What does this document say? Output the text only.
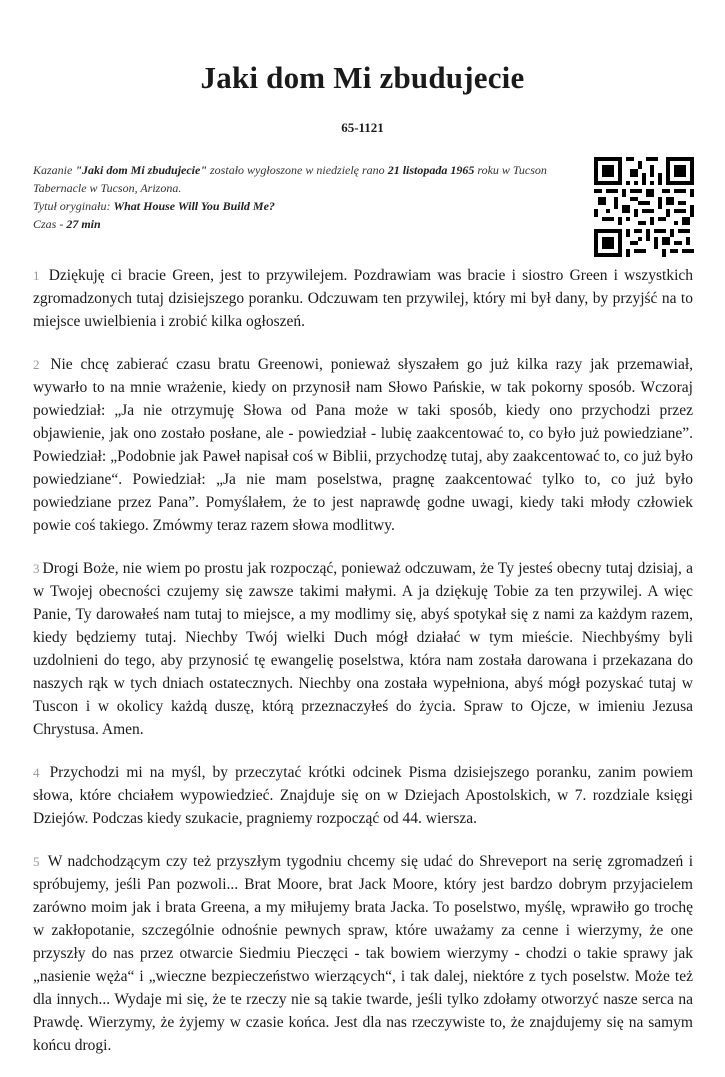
Jaki dom Mi zbudujecie
65-1121
Kazanie "Jaki dom Mi zbudujecie" zostało wygłoszone w niedzielę rano 21 listopada 1965 roku w Tucson Tabernacle w Tucson, Arizona.
Tytuł oryginału: What House Will You Build Me?
Czas - 27 min

1 Dziękuję ci bracie Green, jest to przywilejem. Pozdrawiam was bracie i siostro Green i wszystkich zgromadzonych tutaj dzisiejszego poranku. Odczuwam ten przywilej, który mi był dany, by przyjść na to miejsce uwielbienia i zrobić kilka ogłoszeń.

2 Nie chcę zabierać czasu bratu Greenowi, ponieważ słyszałem go już kilka razy jak przemawiał, wywarło to na mnie wrażenie, kiedy on przynosił nam Słowo Pańskie, w tak pokorny sposób. Wczoraj powiedział: „Ja nie otrzymuję Słowa od Pana może w taki sposób, kiedy ono przychodzi przez objawienie, jak ono zostało posłane, ale - powiedział - lubię zaakcentować to, co było już powiedziane”. Powiedział: „Podobnie jak Paweł napisał coś w Biblii, przychodzę tutaj, aby zaakcentować to, co już było powiedziane“. Powiedział: „Ja nie mam poselstwa, pragnę zaakcentować tylko to, co już było powiedziane przez Pana”. Pomyślałem, że to jest naprawdę godne uwagi, kiedy taki młody człowiek powie coś takiego. Zmówmy teraz razem słowa modlitwy.

3 Drogi Boże, nie wiem po prostu jak rozpocząć, ponieważ odczuwam, że Ty jesteś obecny tutaj dzisiaj, a w Twojej obecności czujemy się zawsze takimi małymi. A ja dziękuję Tobie za ten przywilej. A więc Panie, Ty darowałeś nam tutaj to miejsce, a my modlimy się, abyś spotykał się z nami za każdym razem, kiedy będziemy tutaj. Niechby Twój wielki Duch mógł działać w tym mieście. Niechbyśmy byli uzdolnieni do tego, aby przynosić tę ewangelię poselstwa, która nam została darowana i przekazana do naszych rąk w tych dniach ostatecznych. Niechby ona została wypełniona, abyś mógł pozyskać tutaj w Tuscon i w okolicy każdą duszę, którą przeznaczyłeś do życia. Spraw to Ojcze, w imieniu Jezusa Chrystusa. Amen.

4 Przychodzi mi na myśl, by przeczytać krótki odcinek Pisma dzisiejszego poranku, zanim powiem słowa, które chciałem wypowiedzieć. Znajduje się on w Dziejach Apostolskich, w 7. rozdziale księgi Dziejów. Podczas kiedy szukacie, pragniemy rozpocząć od 44. wiersza.

5 W nadchodzącym czy też przyszłym tygodniu chcemy się udać do Shreveport na serię zgromadzeń i spróbujemy, jeśli Pan pozwoli... Brat Moore, brat Jack Moore, który jest bardzo dobrym przyjacielem zarówno moim jak i brata Greena, a my miłujemy brata Jacka. To poselstwo, myślę, wprawiło go trochę w zakłopotanie, szczególnie odnośnie pewnych spraw, które uważamy za cenne i wierzymy, że one przyszły do nas przez otwarcie Siedmiu Pieczęci - tak bowiem wierzymy - chodzi o takie sprawy jak „nasienie węża“ i „wieczne bezpieczeństwo wierzących“, i tak dalej, niektóre z tych poselstw. Może też dla innych... Wydaje mi się, że te rzeczy nie są takie twarde, jeśli tylko zdołamy otworzyć nasze serca na Prawdę. Wierzymy, że żyjemy w czasie końca. Jest dla nas rzeczywiste to, że znajdujemy się na samym końcu drogi.
